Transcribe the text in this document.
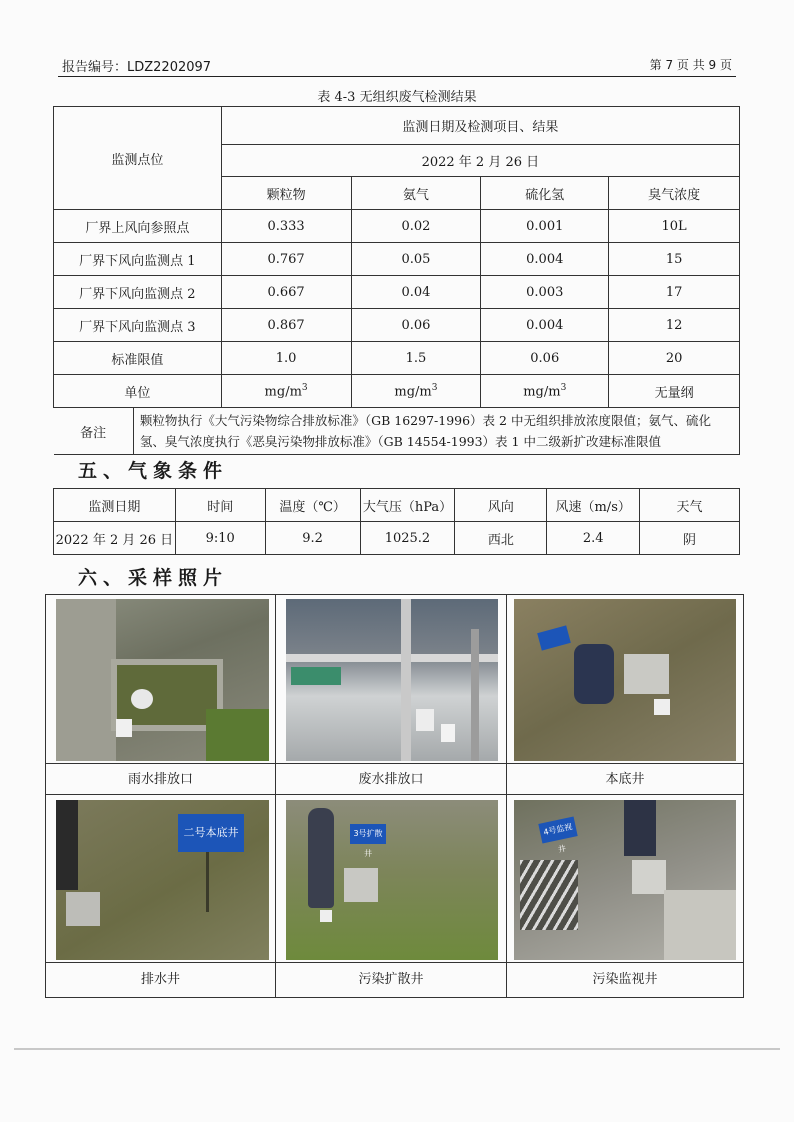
报告编号：LDZ2202097	第 7 页 共 9 页
表 4-3 无组织废气检测结果
监测点位		监测日期及检测项目、结果			
		2022 年 2 月 26 日			
		颗粒物	氨气	硫化氢	臭气浓度
厂界上风向参照点		0.333	0.02	0.001	10L
厂界下风向监测点 1		0.767	0.05	0.004	15
厂界下风向监测点 2		0.667	0.04	0.003	17
厂界下风向监测点 3		0.867	0.06	0.004	12
标准限值		1.0	1.5	0.06	20
单位		$mg/m^3$	$mg/m^3$	$mg/m^3$	无量纲
备注	颗粒物执行《大气污染物综合排放标准》（GB 16297-1996）表 2 中无组织排放浓度限值；氨气、硫化氢、臭气浓度执行《恶臭污染物排放标准》（GB 14554-1993）表 1 中二级新扩改建标准限值				
五、气象条件
监测日期	时间	温度（℃）	大气压（hPa）	风向	风速（m/s）	天气
2022 年 2 月 26 日	9:10	9.2	1025.2	西北	2.4	阴
六、采样照片
雨水排放口	废水排放口	本底井
二号本底井
排水井
3号扩散井
污染扩散井
4号监视井
污染监视井
